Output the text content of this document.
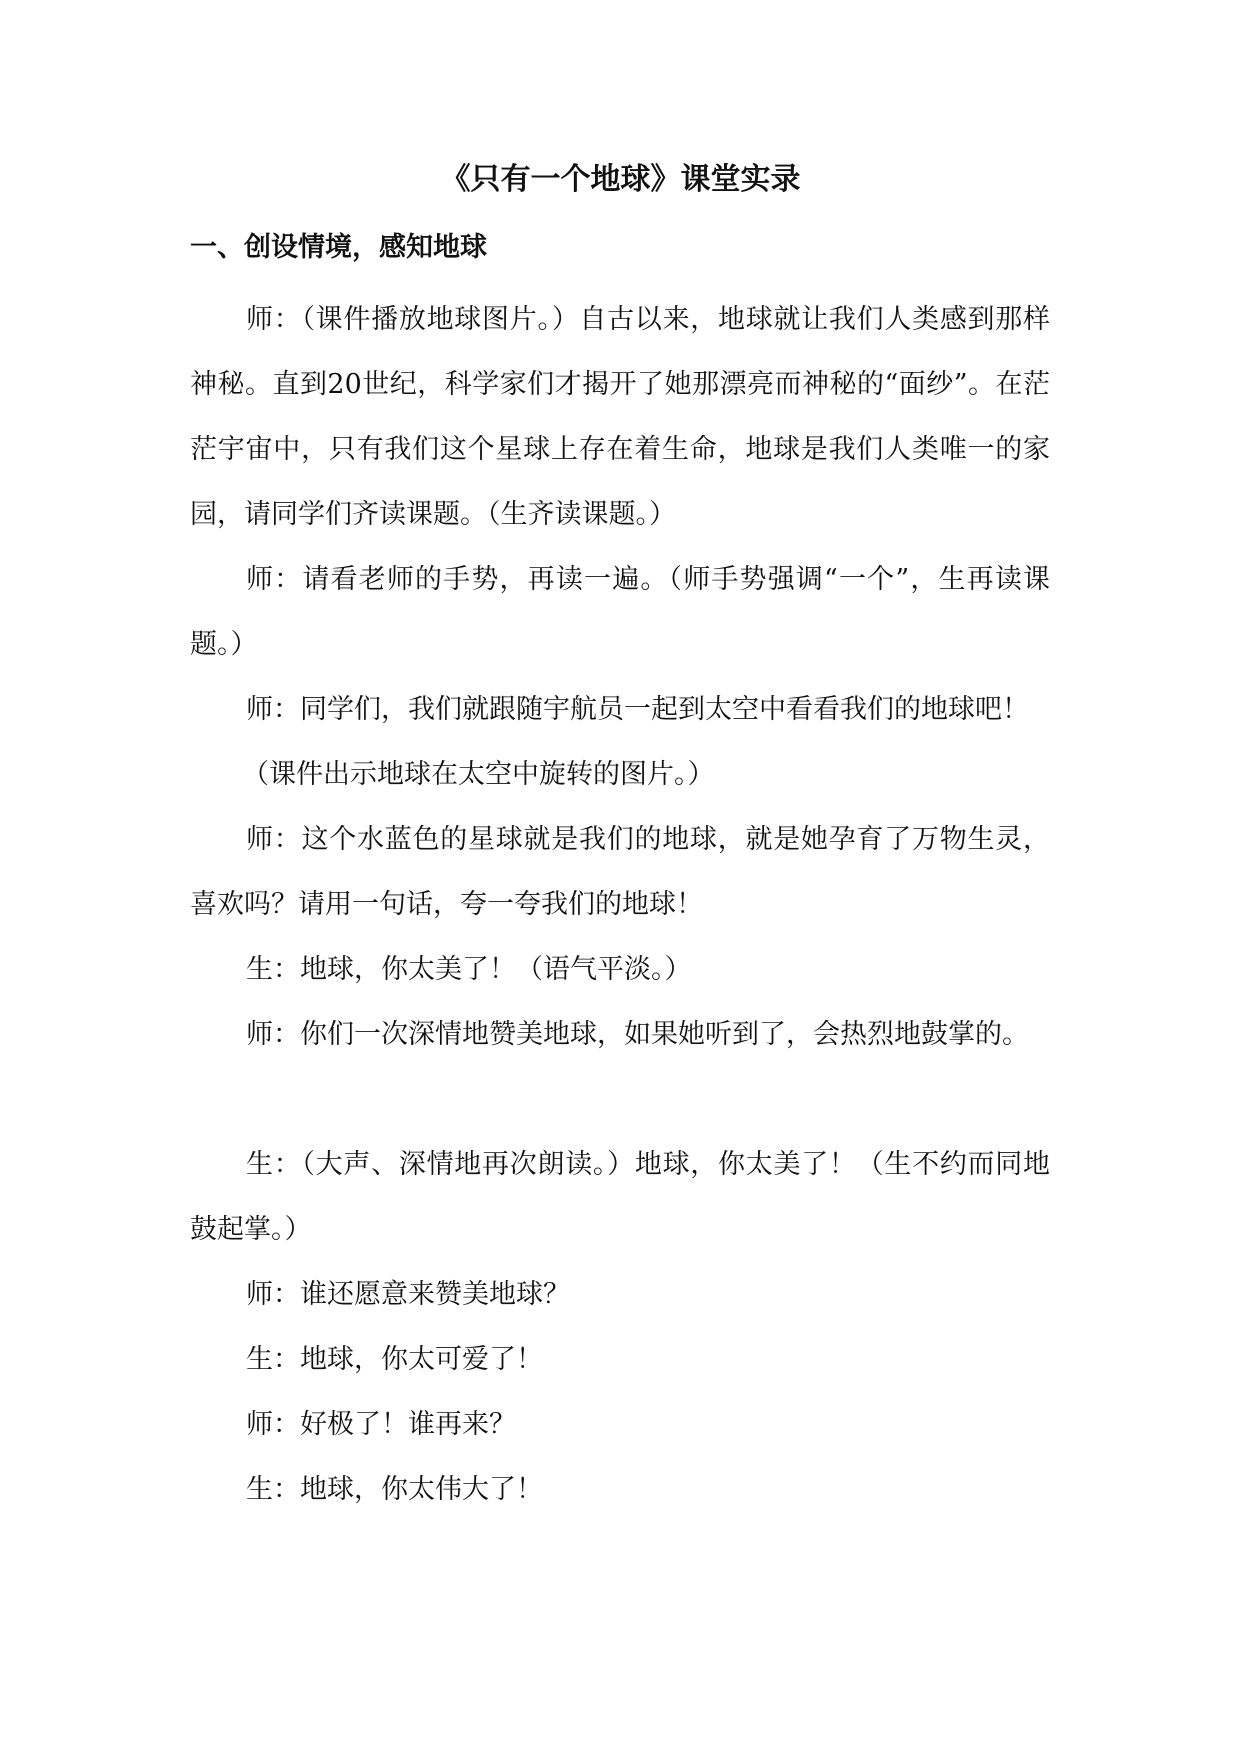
《只有一个地球》课堂实录
一、创设情境，感知地球

师：（课件播放地球图片。）自古以来，地球就让我们人类感到那样神秘。直到20世纪，科学家们才揭开了她那漂亮而神秘的“面纱”。在茫茫宇宙中，只有我们这个星球上存在着生命，地球是我们人类唯一的家园，请同学们齐读课题。（生齐读课题。）

师：请看老师的手势，再读一遍。（师手势强调“一个”，生再读课题。）

师：同学们，我们就跟随宇航员一起到太空中看看我们的地球吧！

（课件出示地球在太空中旋转的图片。）

师：这个水蓝色的星球就是我们的地球，就是她孕育了万物生灵，喜欢吗？请用一句话，夸一夸我们的地球！

生：地球，你太美了！（语气平淡。）

师：你们一次深情地赞美地球，如果她听到了，会热烈地鼓掌的。

生：（大声、深情地再次朗读。）地球，你太美了！（生不约而同地鼓起掌。）

师：谁还愿意来赞美地球？

生：地球，你太可爱了！

师：好极了！谁再来？

生：地球，你太伟大了！
